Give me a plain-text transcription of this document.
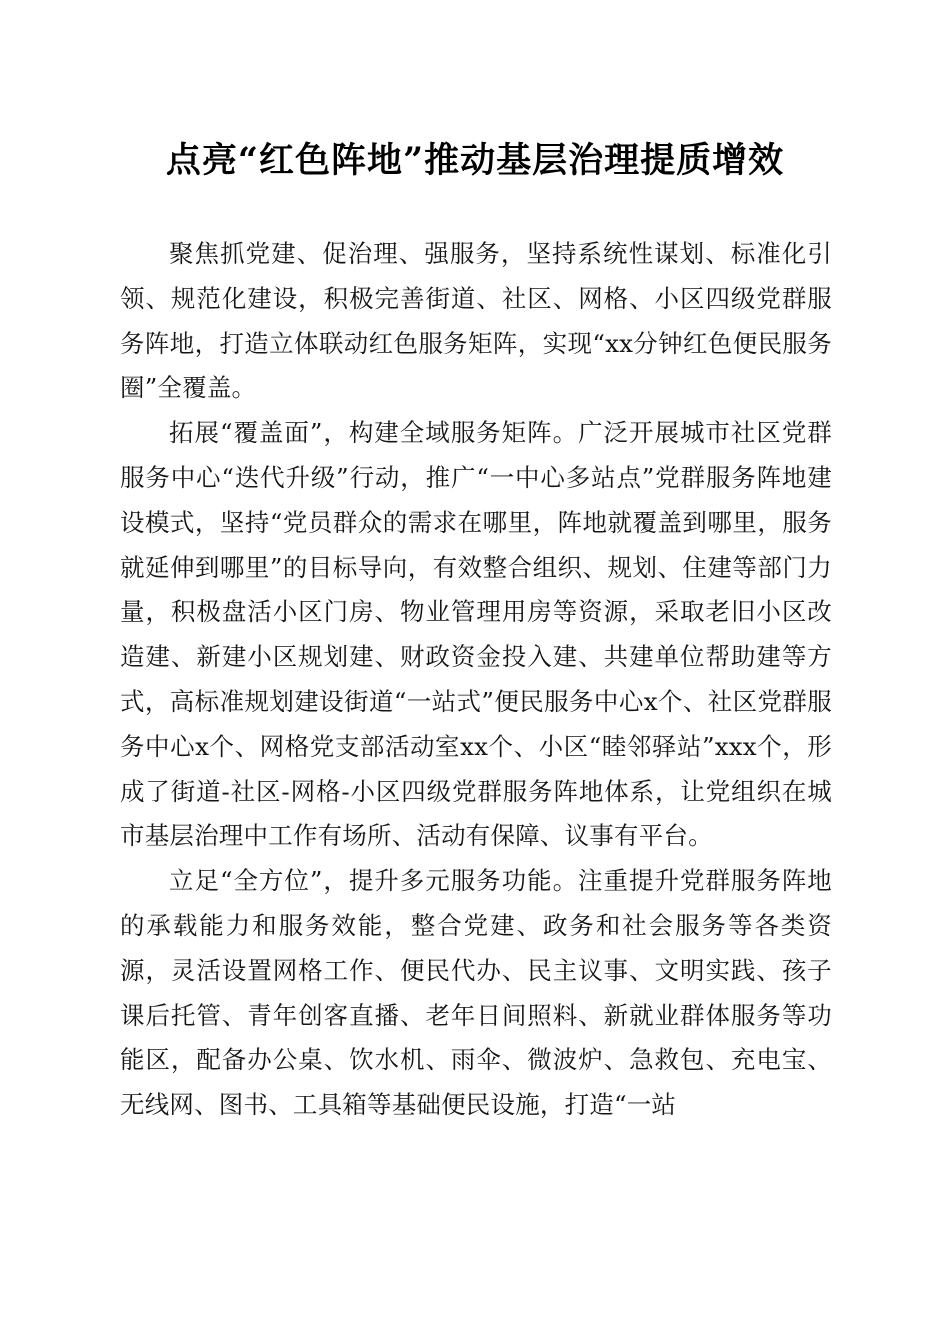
点亮“红色阵地”推动基层治理提质增效

聚焦抓党建、促治理、强服务，坚持系统性谋划、标准化引领、规范化建设，积极完善街道、社区、网格、小区四级党群服务阵地，打造立体联动红色服务矩阵，实现“xx分钟红色便民服务圈”全覆盖。

拓展“覆盖面”，构建全域服务矩阵。广泛开展城市社区党群服务中心“迭代升级”行动，推广“一中心多站点”党群服务阵地建设模式，坚持“党员群众的需求在哪里，阵地就覆盖到哪里，服务就延伸到哪里”的目标导向，有效整合组织、规划、住建等部门力量，积极盘活小区门房、物业管理用房等资源，采取老旧小区改造建、新建小区规划建、财政资金投入建、共建单位帮助建等方式，高标准规划建设街道“一站式”便民服务中心x个、社区党群服务中心x个、网格党支部活动室xx个、小区“睦邻驿站”xxx个，形成了街道-社区-网格-小区四级党群服务阵地体系，让党组织在城市基层治理中工作有场所、活动有保障、议事有平台。

立足“全方位”，提升多元服务功能。注重提升党群服务阵地的承载能力和服务效能，整合党建、政务和社会服务等各类资源，灵活设置网格工作、便民代办、民主议事、文明实践、孩子课后托管、青年创客直播、老年日间照料、新就业群体服务等功能区，配备办公桌、饮水机、雨伞、微波炉、急救包、充电宝、无线网、图书、工具箱等基础便民设施，打造“一站
